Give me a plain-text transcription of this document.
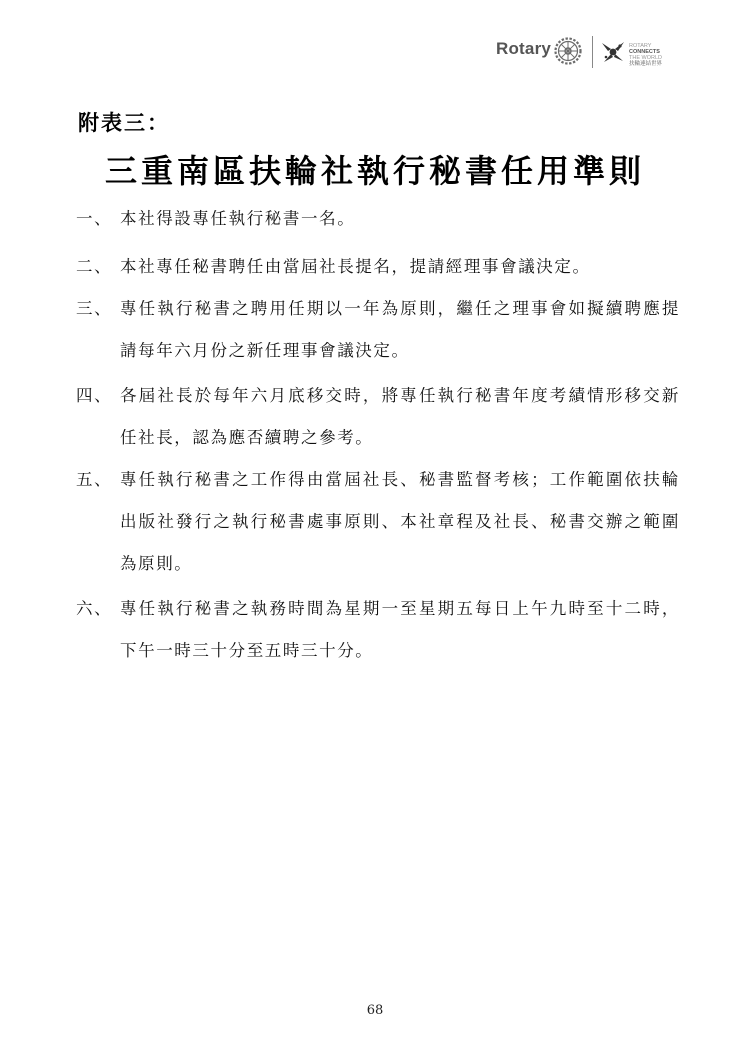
Rotary	ROTARY
CONNECTS
THE WORLD
扶輪連結世界
附表三：
三重南區扶輪社執行秘書任用準則
一、 本社得設專任執行秘書一名。
二、 本社專任秘書聘任由當屆社長提名，提請經理事會議決定。
三、 專任執行秘書之聘用任期以一年為原則，繼任之理事會如擬續聘應提請每年六月份之新任理事會議決定。
四、 各屆社長於每年六月底移交時，將專任執行秘書年度考績情形移交新任社長，認為應否續聘之參考。
五、 專任執行秘書之工作得由當屆社長、秘書監督考核；工作範圍依扶輪出版社發行之執行秘書處事原則、本社章程及社長、秘書交辦之範圍為原則。
六、 專任執行秘書之執務時間為星期一至星期五每日上午九時至十二時，下午一時三十分至五時三十分。
68
